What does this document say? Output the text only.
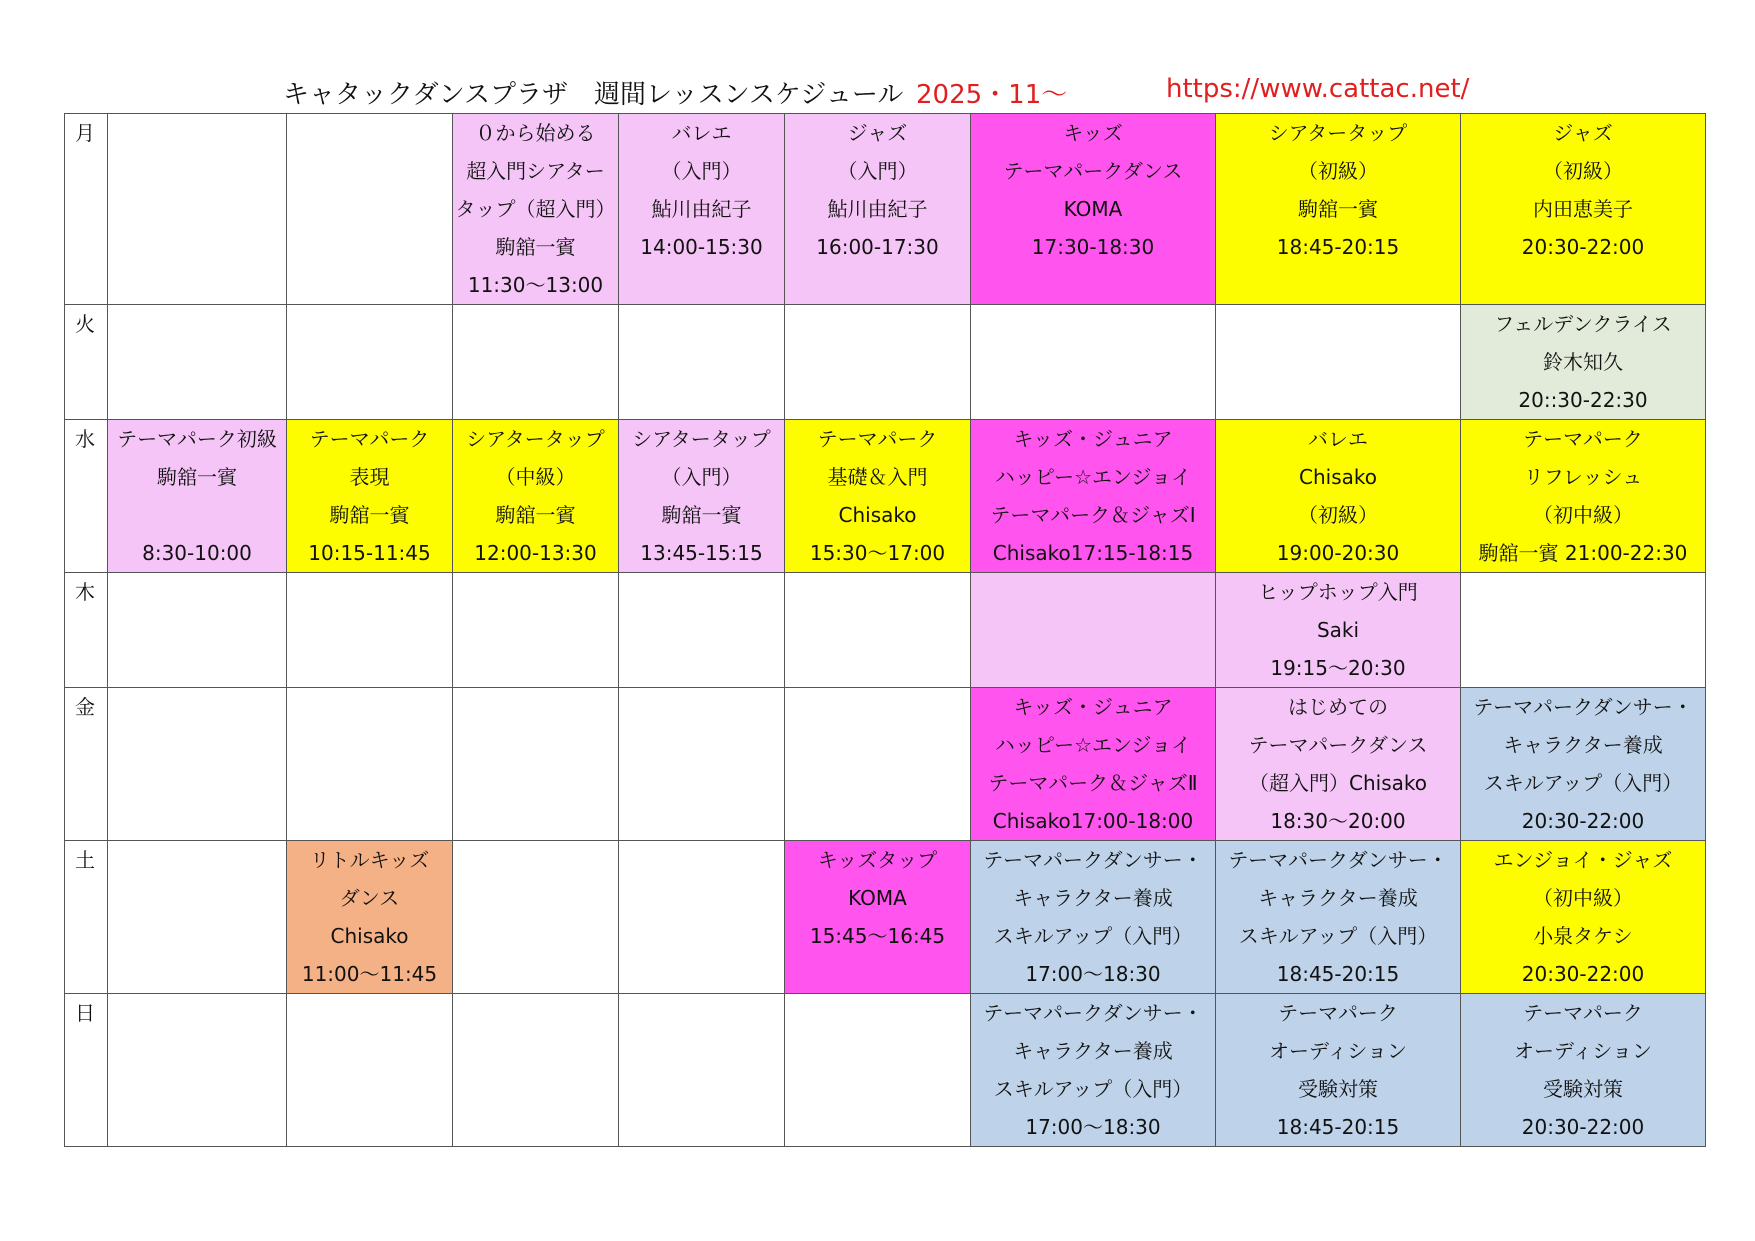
キャタックダンスプラザ　週間レッスンスケジュール 2025・11～	https://www.cattac.net/
月			０から始める
超入門シアター
タップ（超入門）
駒舘一賓
11:30～13:00	バレエ
（入門）
鮎川由紀子
14:00-15:30	ジャズ
（入門）
鮎川由紀子
16:00-17:30	キッズ
テーマパークダンス
KOMA
17:30-18:30	シアタータップ
（初級）
駒舘一賓
18:45-20:15	ジャズ
（初級）
内田恵美子
20:30-22:00

火								フェルデンクライス
鈴木知久
20::30-22:30

水	テーマパーク初級
駒舘一賓
8:30-10:00	テーマパーク
表現
駒舘一賓
10:15-11:45	シアタータップ
（中級）
駒舘一賓
12:00-13:30	シアタータップ
（入門）
駒舘一賓
13:45-15:15	テーマパーク
基礎＆入門
Chisako
15:30～17:00	キッズ・ジュニア
ハッピー☆エンジョイ
テーマパーク＆ジャズⅠ
Chisako17:15-18:15	バレエ
Chisako
（初級）
19:00-20:30	テーマパーク
リフレッシュ
（初中級）
駒舘一賓 21:00-22:30

木							ヒップホップ入門
Saki
19:15～20:30	

金						キッズ・ジュニア
ハッピー☆エンジョイ
テーマパーク＆ジャズⅡ
Chisako17:00-18:00	はじめての
テーマパークダンス
（超入門）Chisako
18:30～20:00	テーマパークダンサー・
キャラクター養成
スキルアップ（入門）
20:30-22:00

土		リトルキッズ
ダンス
Chisako
11:00～11:45			キッズタップ
KOMA
15:45～16:45	テーマパークダンサー・
キャラクター養成
スキルアップ（入門）
17:00～18:30	テーマパークダンサー・
キャラクター養成
スキルアップ（入門）
18:45-20:15	エンジョイ・ジャズ
（初中級）
小泉タケシ
20:30-22:00

日						テーマパークダンサー・
キャラクター養成
スキルアップ（入門）
17:00～18:30	テーマパーク
オーディション
受験対策
18:45-20:15	テーマパーク
オーディション
受験対策
20:30-22:00
